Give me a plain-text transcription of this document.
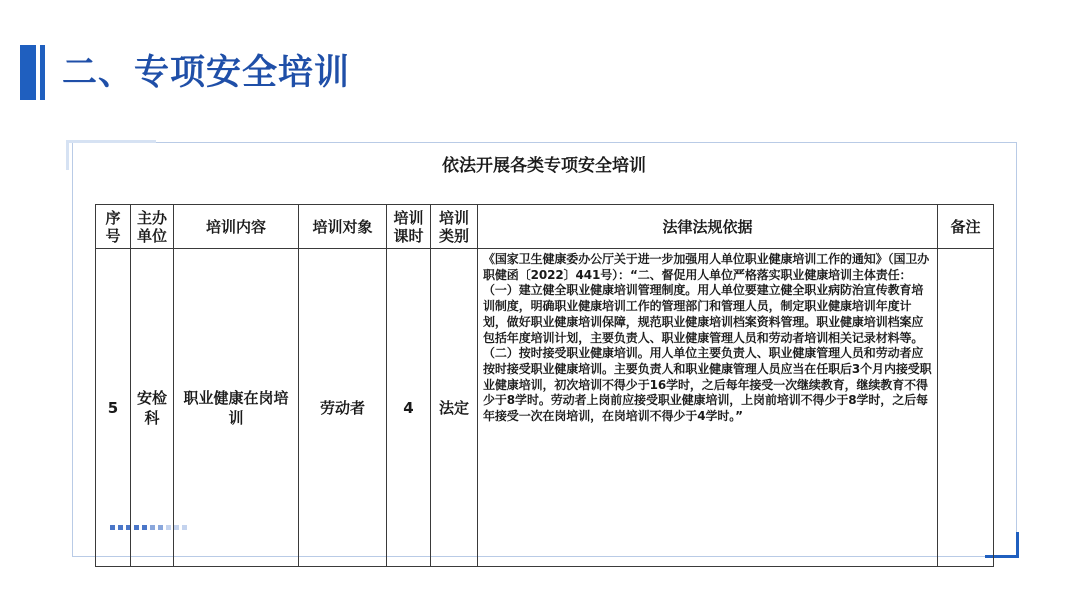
二、专项安全培训
依法开展各类专项安全培训
序号	主办单位	培训内容	培训对象	培训课时	培训类别	法律法规依据	备注
5	安检科	职业健康在岗培训	劳动者	4	法定	《国家卫生健康委办公厅关于进一步加强用人单位职业健康培训工作的通知》（国卫办职健函〔2022〕441号）：“二、督促用人单位严格落实职业健康培训主体责任：（一）建立健全职业健康培训管理制度。用人单位要建立健全职业病防治宣传教育培训制度，明确职业健康培训工作的管理部门和管理人员，制定职业健康培训年度计划，做好职业健康培训保障，规范职业健康培训档案资料管理。职业健康培训档案应包括年度培训计划，主要负责人、职业健康管理人员和劳动者培训相关记录材料等。（二）按时接受职业健康培训。用人单位主要负责人、职业健康管理人员和劳动者应按时接受职业健康培训。主要负责人和职业健康管理人员应当在任职后3个月内接受职业健康培训，初次培训不得少于16学时，之后每年接受一次继续教育，继续教育不得少于8学时。劳动者上岗前应接受职业健康培训，上岗前培训不得少于8学时，之后每年接受一次在岗培训，在岗培训不得少于4学时。”	
